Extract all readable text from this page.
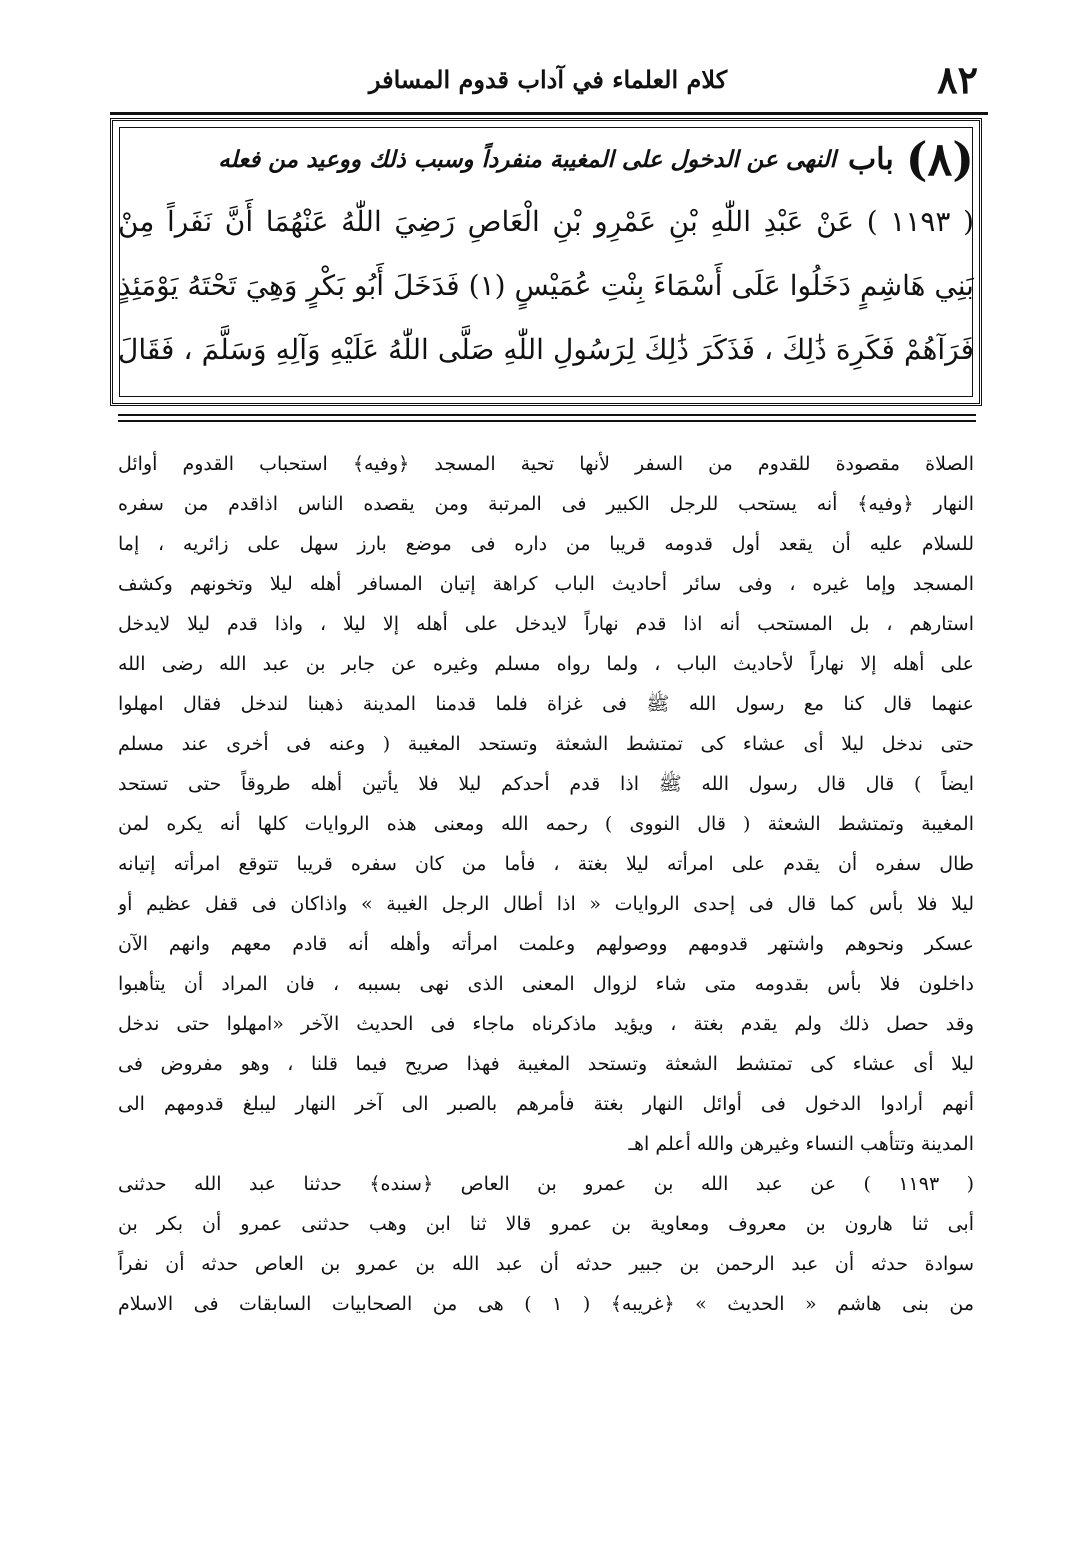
٨٢
كلام العلماء في آداب قدوم المسافر
(٨)
باب
النهى عن الدخول على المغيبة منفرداً وسبب ذلك ووعيد من فعله
( ١١٩٣ ) عَنْ عَبْدِ اللّٰهِ بْنِ عَمْرِو بْنِ الْعَاصِ رَضِيَ اللّٰهُ عَنْهُمَا أَنَّ نَفَراً مِنْ
بَنِي هَاشِمٍ دَخَلُوا عَلَى أَسْمَاءَ بِنْتِ عُمَيْسٍ (١) فَدَخَلَ أَبُو بَكْرٍ وَهِيَ تَحْتَهُ يَوْمَئِذٍ
فَرَآهُمْ فَكَرِهَ ذَٰلِكَ ، فَذَكَرَ ذَٰلِكَ لِرَسُولِ اللّٰهِ صَلَّى اللّٰهُ عَلَيْهِ وَآلِهِ وَسَلَّمَ ، فَقَالَ
الصلاة مقصودة للقدوم من السفر لأنها تحية المسجد ﴿وفيه﴾ استحباب القدوم أوائل
النهار ﴿وفيه﴾ أنه يستحب للرجل الكبير فى المرتبة ومن يقصده الناس اذاقدم من سفره
للسلام عليه أن يقعد أول قدومه قريبا من داره فى موضع بارز سهل على زائريه ، إما
المسجد وإما غيره ، وفى سائر أحاديث الباب كراهة إتيان المسافر أهله ليلا وتخونهم وكشف
استارهم ، بل المستحب أنه اذا قدم نهاراً لايدخل على أهله إلا ليلا ، واذا قدم ليلا لايدخل
على أهله إلا نهاراً لأحاديث الباب ، ولما رواه مسلم وغيره عن جابر بن عبد الله رضى الله
عنهما قال كنا مع رسول الله ﷺ فى غزاة فلما قدمنا المدينة ذهبنا لندخل فقال امهلوا
حتى ندخل ليلا أى عشاء كى تمتشط الشعثة وتستحد المغيبة ( وعنه فى أخرى عند مسلم
ايضاً ) قال قال رسول الله ﷺ اذا قدم أحدكم ليلا فلا يأتين أهله طروقاً حتى تستحد
المغيبة وتمتشط الشعثة ( قال النووى ) رحمه الله ومعنى هذه الروايات كلها أنه يكره لمن
طال سفره أن يقدم على امرأته ليلا بغتة ، فأما من كان سفره قريبا تتوقع امرأته إتيانه
ليلا فلا بأس كما قال فى إحدى الروايات « اذا أطال الرجل الغيبة » واذاكان فى قفل عظيم أو
عسكر ونحوهم واشتهر قدومهم ووصولهم وعلمت امرأته وأهله أنه قادم معهم وانهم الآن
داخلون فلا بأس بقدومه متى شاء لزوال المعنى الذى نهى بسببه ، فان المراد أن يتأهبوا
وقد حصل ذلك ولم يقدم بغتة ، ويؤيد ماذكرناه ماجاء فى الحديث الآخر «امهلوا حتى ندخل
ليلا أى عشاء كى تمتشط الشعثة وتستحد المغيبة فهذا صريح فيما قلنا ، وهو مفروض فى
أنهم أرادوا الدخول فى أوائل النهار بغتة فأمرهم بالصبر الى آخر النهار ليبلغ قدومهم الى
المدينة وتتأهب النساء وغيرهن والله أعلم اهـ
( ١١٩٣ ) عن عبد الله بن عمرو بن العاص ﴿سنده﴾ حدثنا عبد الله حدثنى
أبى ثنا هارون بن معروف ومعاوية بن عمرو قالا ثنا ابن وهب حدثنى عمرو أن بكر بن
سوادة حدثه أن عبد الرحمن بن جبير حدثه أن عبد الله بن عمرو بن العاص حدثه أن نفراً
من بنى هاشم « الحديث » ﴿غريبه﴾ ( ١ ) هى من الصحابيات السابقات فى الاسلام
